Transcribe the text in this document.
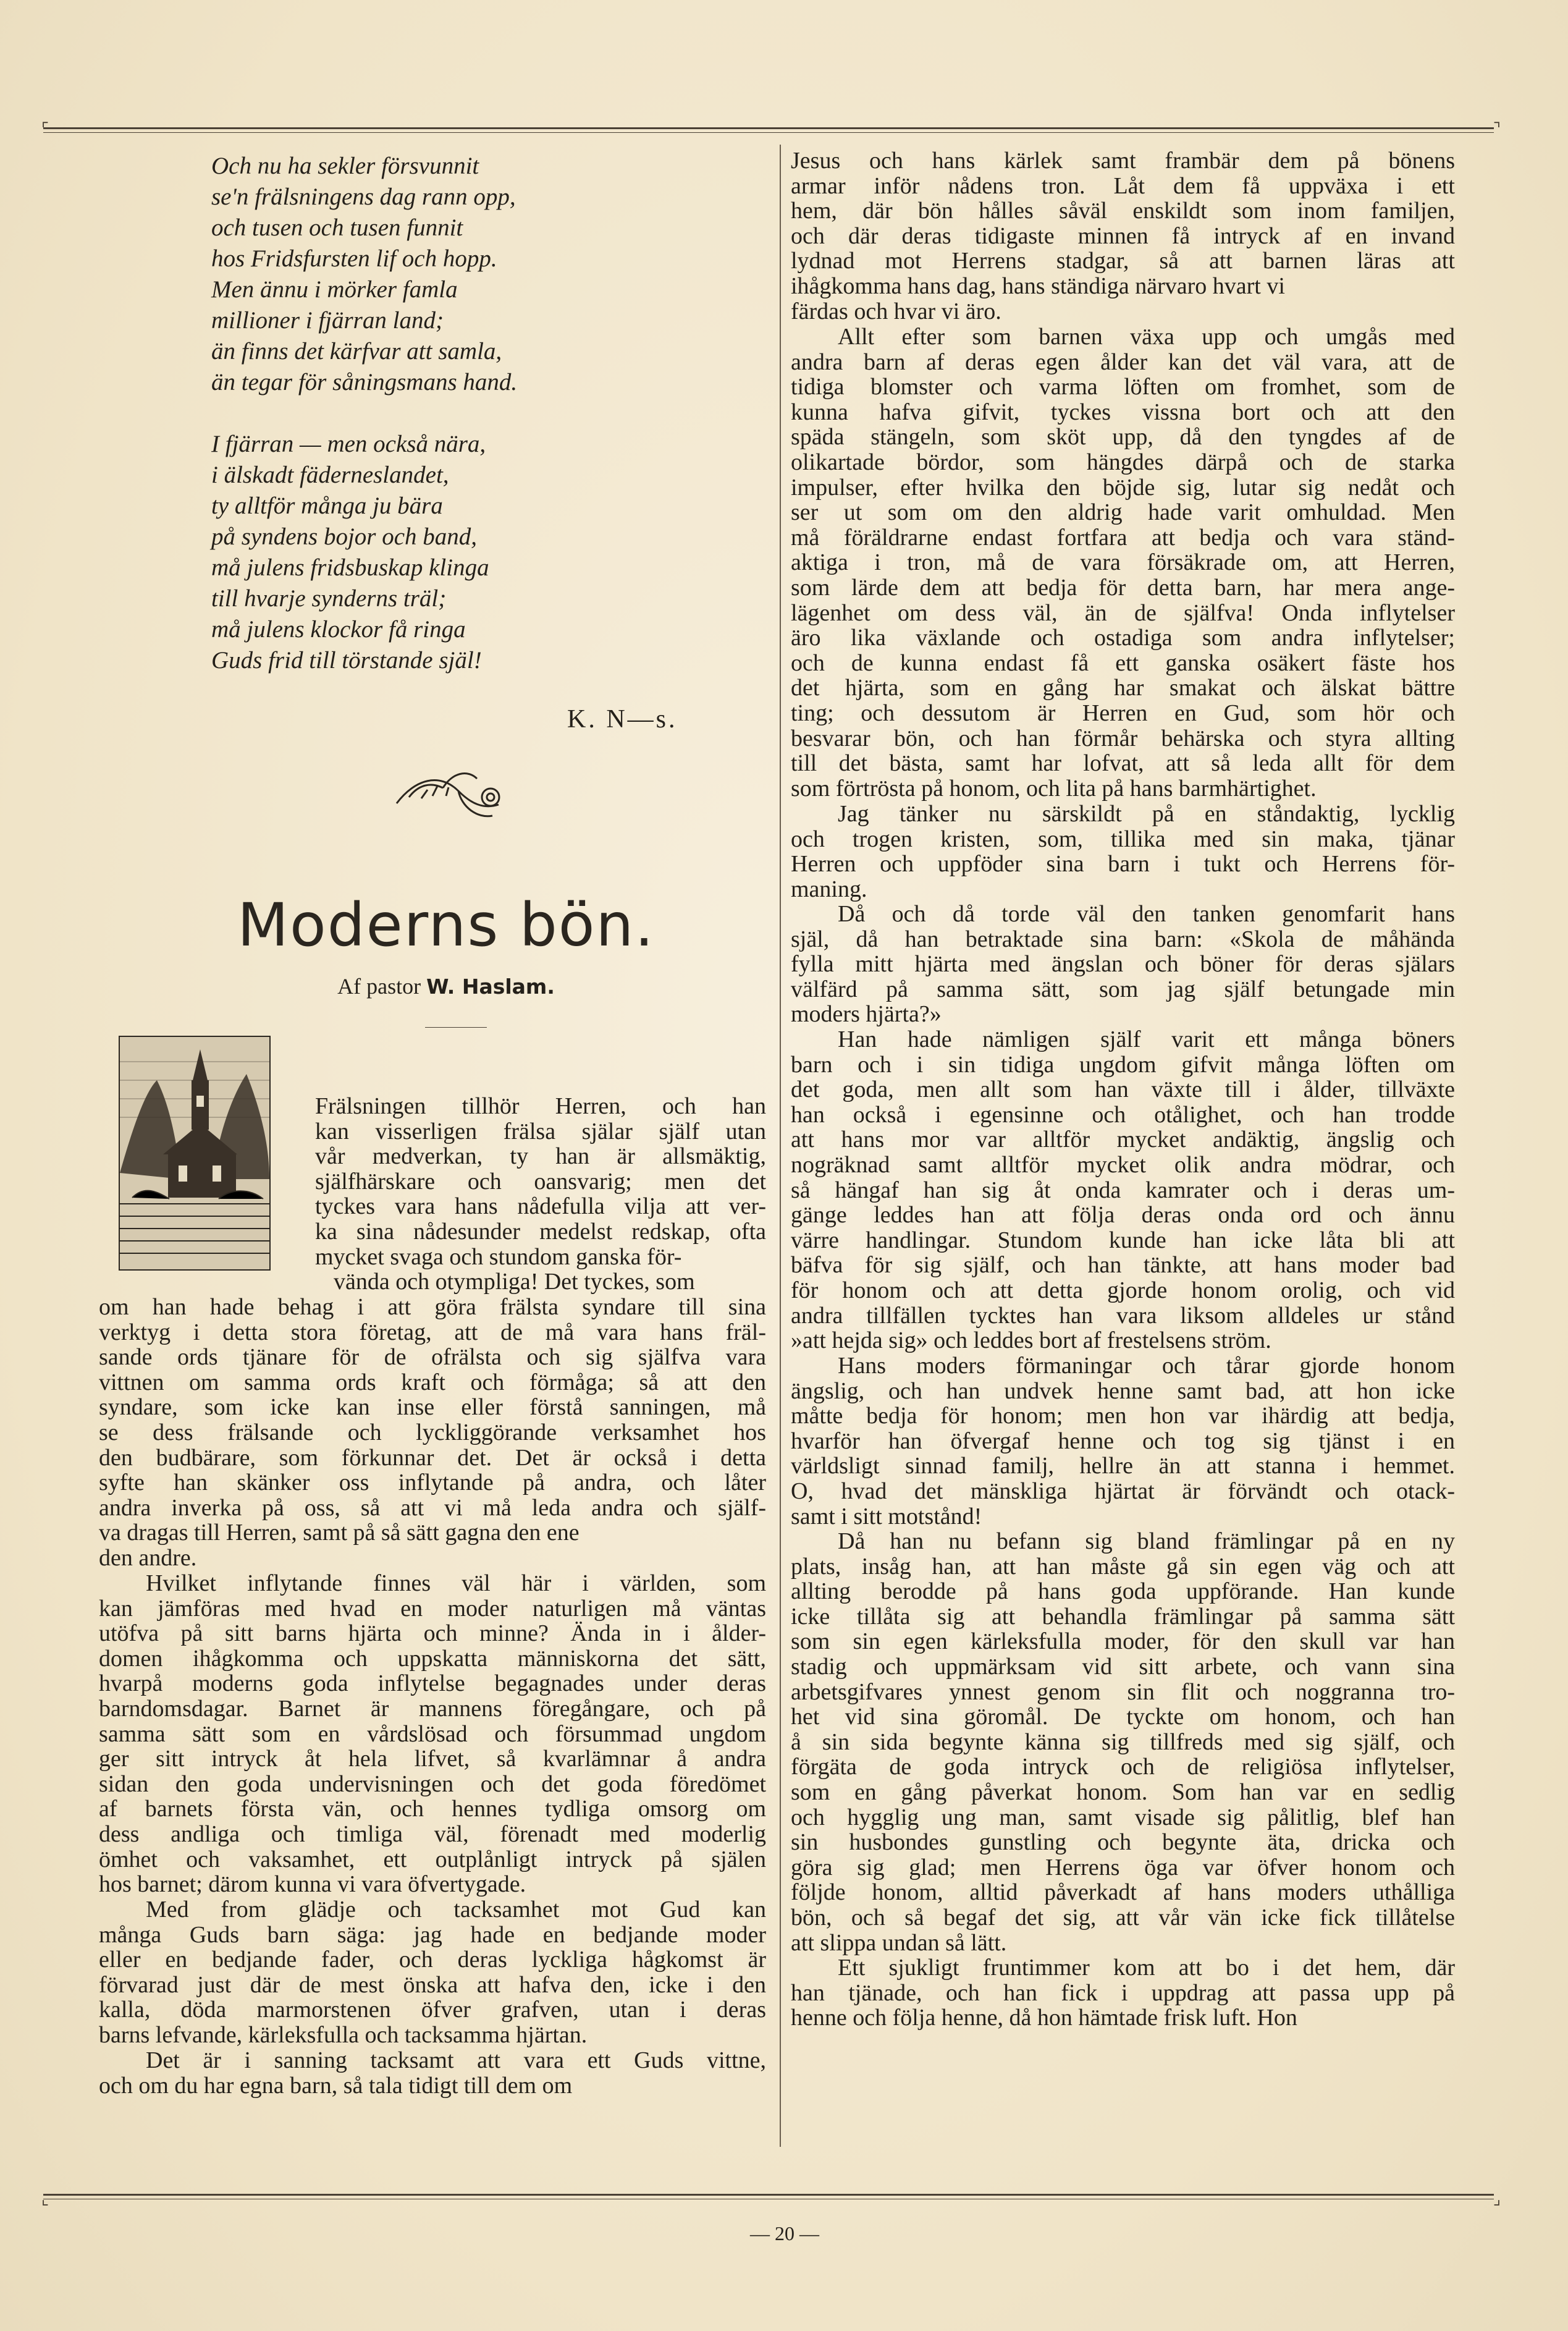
⌜	⌝
⌞	⌟
Och nu ha sekler försvunnit
se'n frälsningens dag rann opp,
och tusen och tusen funnit
hos Fridsfursten lif och hopp.
Men ännu i mörker famla
millioner i fjärran land;
än finns det kärfvar att samla,
än tegar för såningsmans hand.
I fjärran — men också nära,
i älskadt fäderneslandet,
ty alltför många ju bära
på syndens bojor och band,
må julens fridsbuskap klinga
till hvarje synderns träl;
må julens klockor få ringa
Guds frid till törstande själ!
K. N—s.
Moderns bön.
Af pastor W. Haslam.
Frälsningen tillhör Herren, och han
kan visserligen frälsa själar själf utan
vår medverkan, ty han är allsmäktig,
själfhärskare och oansvarig; men det
tyckes vara hans nådefulla vilja att ver-
ka sina nådesunder medelst redskap, ofta
mycket svaga och stundom ganska för-
vända och otympliga! Det tyckes, som
om han hade behag i att göra frälsta syndare till sina
verktyg i detta stora företag, att de må vara hans fräl-
sande ords tjänare för de ofrälsta och sig själfva vara
vittnen om samma ords kraft och förmåga; så att den
syndare, som icke kan inse eller förstå sanningen, må
se dess frälsande och lyckliggörande verksamhet hos
den budbärare, som förkunnar det. Det är också i detta
syfte han skänker oss inflytande på andra, och låter
andra inverka på oss, så att vi må leda andra och själf-
va dragas till Herren, samt på så sätt gagna den ene
den andre.
Hvilket inflytande finnes väl här i världen, som
kan jämföras med hvad en moder naturligen må väntas
utöfva på sitt barns hjärta och minne? Ända in i ålder-
domen ihågkomma och uppskatta människorna det sätt,
hvarpå moderns goda inflytelse begagnades under deras
barndomsdagar. Barnet är mannens föregångare, och på
samma sätt som en vårdslösad och försummad ungdom
ger sitt intryck åt hela lifvet, så kvarlämnar å andra
sidan den goda undervisningen och det goda föredömet
af barnets första vän, och hennes tydliga omsorg om
dess andliga och timliga väl, förenadt med moderlig
ömhet och vaksamhet, ett outplånligt intryck på själen
hos barnet; därom kunna vi vara öfvertygade.
Med from glädje och tacksamhet mot Gud kan
många Guds barn säga: jag hade en bedjande moder
eller en bedjande fader, och deras lyckliga hågkomst är
förvarad just där de mest önska att hafva den, icke i den
kalla, döda marmorstenen öfver grafven, utan i deras
barns lefvande, kärleksfulla och tacksamma hjärtan.
Det är i sanning tacksamt att vara ett Guds vittne,
och om du har egna barn, så tala tidigt till dem om
Jesus och hans kärlek samt frambär dem på bönens
armar inför nådens tron. Låt dem få uppväxa i ett
hem, där bön hålles såväl enskildt som inom familjen,
och där deras tidigaste minnen få intryck af en invand
lydnad mot Herrens stadgar, så att barnen läras att
ihågkomma hans dag, hans ständiga närvaro hvart vi
färdas och hvar vi äro.
Allt efter som barnen växa upp och umgås med
andra barn af deras egen ålder kan det väl vara, att de
tidiga blomster och varma löften om fromhet, som de
kunna hafva gifvit, tyckes vissna bort och att den
späda stängeln, som sköt upp, då den tyngdes af de
olikartade bördor, som hängdes därpå och de starka
impulser, efter hvilka den böjde sig, lutar sig nedåt och
ser ut som om den aldrig hade varit omhuldad. Men
må föräldrarne endast fortfara att bedja och vara ständ-
aktiga i tron, må de vara försäkrade om, att Herren,
som lärde dem att bedja för detta barn, har mera ange-
lägenhet om dess väl, än de själfva! Onda inflytelser
äro lika växlande och ostadiga som andra inflytelser;
och de kunna endast få ett ganska osäkert fäste hos
det hjärta, som en gång har smakat och älskat bättre
ting; och dessutom är Herren en Gud, som hör och
besvarar bön, och han förmår behärska och styra allting
till det bästa, samt har lofvat, att så leda allt för dem
som förtrösta på honom, och lita på hans barmhärtighet.
Jag tänker nu särskildt på en ståndaktig, lycklig
och trogen kristen, som, tillika med sin maka, tjänar
Herren och uppföder sina barn i tukt och Herrens för-
maning.
Då och då torde väl den tanken genomfarit hans
själ, då han betraktade sina barn: «Skola de måhända
fylla mitt hjärta med ängslan och böner för deras själars
välfärd på samma sätt, som jag själf betungade min
moders hjärta?»
Han hade nämligen själf varit ett många böners
barn och i sin tidiga ungdom gifvit många löften om
det goda, men allt som han växte till i ålder, tillväxte
han också i egensinne och otålighet, och han trodde
att hans mor var alltför mycket andäktig, ängslig och
nogräknad samt alltför mycket olik andra mödrar, och
så hängaf han sig åt onda kamrater och i deras um-
gänge leddes han att följa deras onda ord och ännu
värre handlingar. Stundom kunde han icke låta bli att
bäfva för sig själf, och han tänkte, att hans moder bad
för honom och att detta gjorde honom orolig, och vid
andra tillfällen tycktes han vara liksom alldeles ur stånd
»att hejda sig» och leddes bort af frestelsens ström.
Hans moders förmaningar och tårar gjorde honom
ängslig, och han undvek henne samt bad, att hon icke
måtte bedja för honom; men hon var ihärdig att bedja,
hvarför han öfvergaf henne och tog sig tjänst i en
världsligt sinnad familj, hellre än att stanna i hemmet.
O, hvad det mänskliga hjärtat är förvändt och otack-
samt i sitt motstånd!
Då han nu befann sig bland främlingar på en ny
plats, insåg han, att han måste gå sin egen väg och att
allting berodde på hans goda uppförande. Han kunde
icke tillåta sig att behandla främlingar på samma sätt
som sin egen kärleksfulla moder, för den skull var han
stadig och uppmärksam vid sitt arbete, och vann sina
arbetsgifvares ynnest genom sin flit och noggranna tro-
het vid sina göromål. De tyckte om honom, och han
å sin sida begynte känna sig tillfreds med sig själf, och
förgäta de goda intryck och de religiösa inflytelser,
som en gång påverkat honom. Som han var en sedlig
och hygglig ung man, samt visade sig pålitlig, blef han
sin husbondes gunstling och begynte äta, dricka och
göra sig glad; men Herrens öga var öfver honom och
följde honom, alltid påverkadt af hans moders uthålliga
bön, och så begaf det sig, att vår vän icke fick tillåtelse
att slippa undan så lätt.
Ett sjukligt fruntimmer kom att bo i det hem, där
han tjänade, och han fick i uppdrag att passa upp på
henne och följa henne, då hon hämtade frisk luft. Hon
— 20 —
